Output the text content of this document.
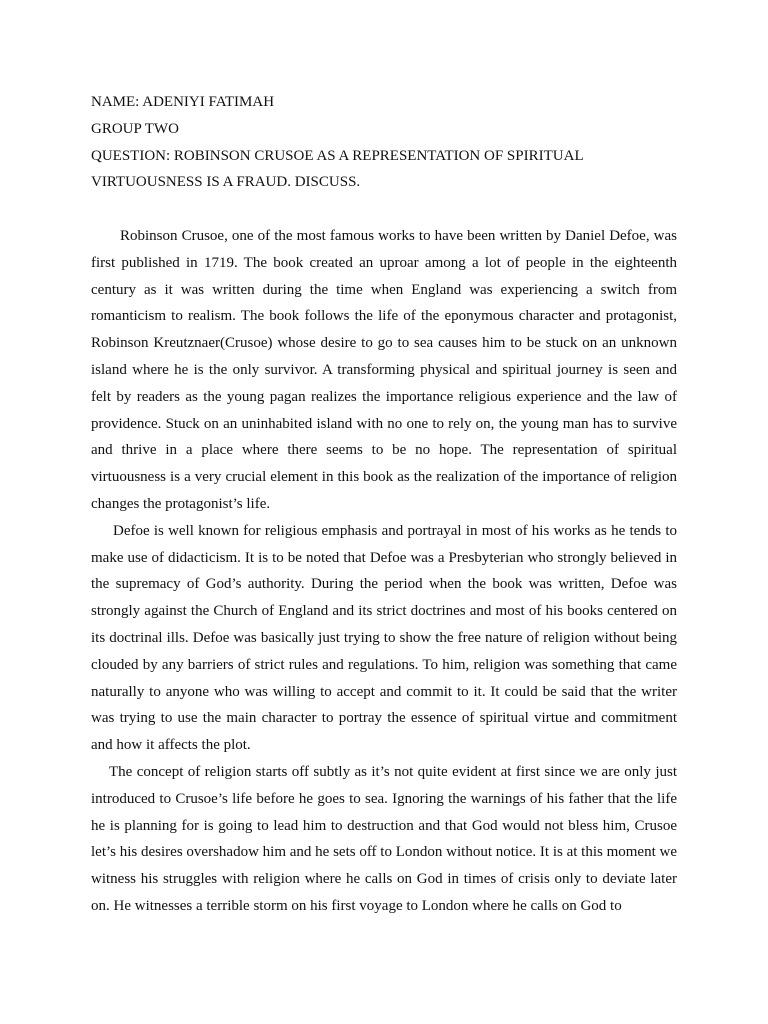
NAME: ADENIYI FATIMAH

GROUP TWO

QUESTION: ROBINSON CRUSOE AS A REPRESENTATION OF SPIRITUAL

VIRTUOUSNESS IS A FRAUD. DISCUSS.

Robinson Crusoe, one of the most famous works to have been written by Daniel Defoe, was first published in 1719. The book created an uproar among a lot of people in the eighteenth century as it was written during the time when England was experiencing a switch from romanticism to realism. The book follows the life of the eponymous character and protagonist, Robinson Kreutznaer(Crusoe) whose desire to go to sea causes him to be stuck on an unknown island where he is the only survivor. A transforming physical and spiritual journey is seen and felt by readers as the young pagan realizes the importance religious experience and the law of providence. Stuck on an uninhabited island with no one to rely on, the young man has to survive and thrive in a place where there seems to be no hope. The representation of spiritual virtuousness is a very crucial element in this book as the realization of the importance of religion changes the protagonist’s life.

Defoe is well known for religious emphasis and portrayal in most of his works as he tends to make use of didacticism. It is to be noted that Defoe was a Presbyterian who strongly believed in the supremacy of God’s authority. During the period when the book was written, Defoe was strongly against the Church of England and its strict doctrines and most of his books centered on its doctrinal ills. Defoe was basically just trying to show the free nature of religion without being clouded by any barriers of strict rules and regulations. To him, religion was something that came naturally to anyone who was willing to accept and commit to it. It could be said that the writer was trying to use the main character to portray the essence of spiritual virtue and commitment and how it affects the plot.

The concept of religion starts off subtly as it’s not quite evident at first since we are only just introduced to Crusoe’s life before he goes to sea. Ignoring the warnings of his father that the life he is planning for is going to lead him to destruction and that God would not bless him, Crusoe let’s his desires overshadow him and he sets off to London without notice. It is at this moment we witness his struggles with religion where he calls on God in times of crisis only to deviate later on. He witnesses a terrible storm on his first voyage to London where he calls on God to
